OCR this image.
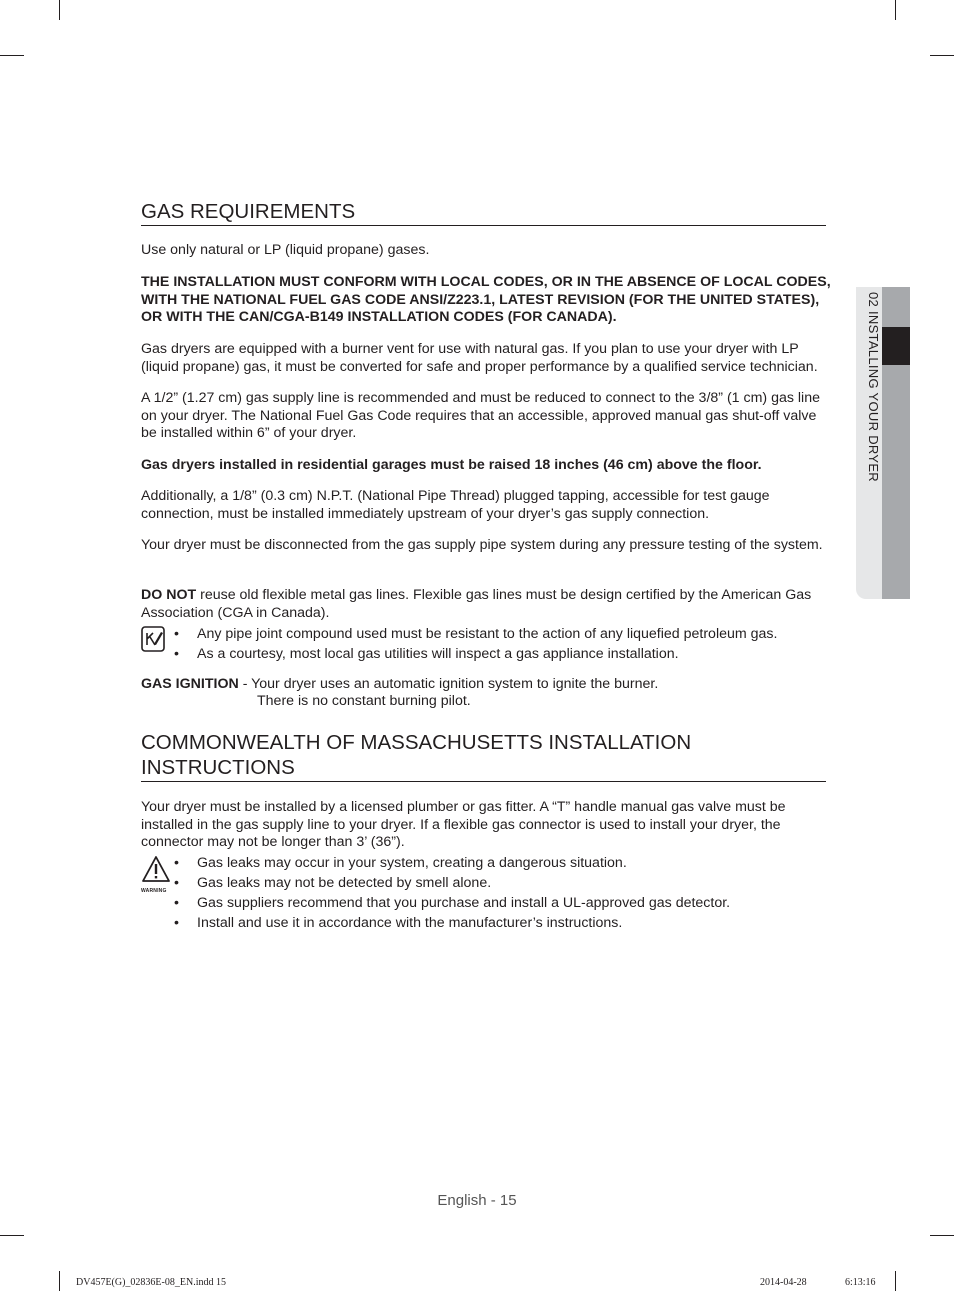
02 INSTALLING YOUR DRYER
GAS REQUIREMENTS
Use only natural or LP (liquid propane) gases.
THE INSTALLATION MUST CONFORM WITH LOCAL CODES, OR IN THE ABSENCE OF LOCAL CODES, WITH THE NATIONAL FUEL GAS CODE ANSI/Z223.1, LATEST REVISION (FOR THE UNITED STATES), OR WITH THE CAN/CGA-B149 INSTALLATION CODES (FOR CANADA).
Gas dryers are equipped with a burner vent for use with natural gas. If you plan to use your dryer with LP (liquid propane) gas, it must be converted for safe and proper performance by a qualified service technician.
A 1/2” (1.27 cm) gas supply line is recommended and must be reduced to connect to the 3/8” (1 cm) gas line on your dryer. The National Fuel Gas Code requires that an accessible, approved manual gas shut-off valve be installed within 6” of your dryer.
Gas dryers installed in residential garages must be raised 18 inches (46 cm) above the floor.
Additionally, a 1/8” (0.3 cm) N.P.T. (National Pipe Thread) plugged tapping, accessible for test gauge connection, must be installed immediately upstream of your dryer’s gas supply connection.
Your dryer must be disconnected from the gas supply pipe system during any pressure testing of the system.
DO NOT reuse old flexible metal gas lines. Flexible gas lines must be design certified by the American Gas Association (CGA in Canada).
• Any pipe joint compound used must be resistant to the action of any liquefied petroleum gas.
• As a courtesy, most local gas utilities will inspect a gas appliance installation.
GAS IGNITION - Your dryer uses an automatic ignition system to ignite the burner.
There is no constant burning pilot.
COMMONWEALTH OF MASSACHUSETTS INSTALLATION
INSTRUCTIONS
Your dryer must be installed by a licensed plumber or gas fitter. A “T” handle manual gas valve must be installed in the gas supply line to your dryer. If a flexible gas connector is used to install your dryer, the connector may not be longer than 3’ (36”).
WARNING
• Gas leaks may occur in your system, creating a dangerous situation.
• Gas leaks may not be detected by smell alone.
• Gas suppliers recommend that you purchase and install a UL-approved gas detector.
• Install and use it in accordance with the manufacturer’s instructions.
English - 15
DV457E(G)_02836E-08_EN.indd 15	2014-04-28	6:13:16
